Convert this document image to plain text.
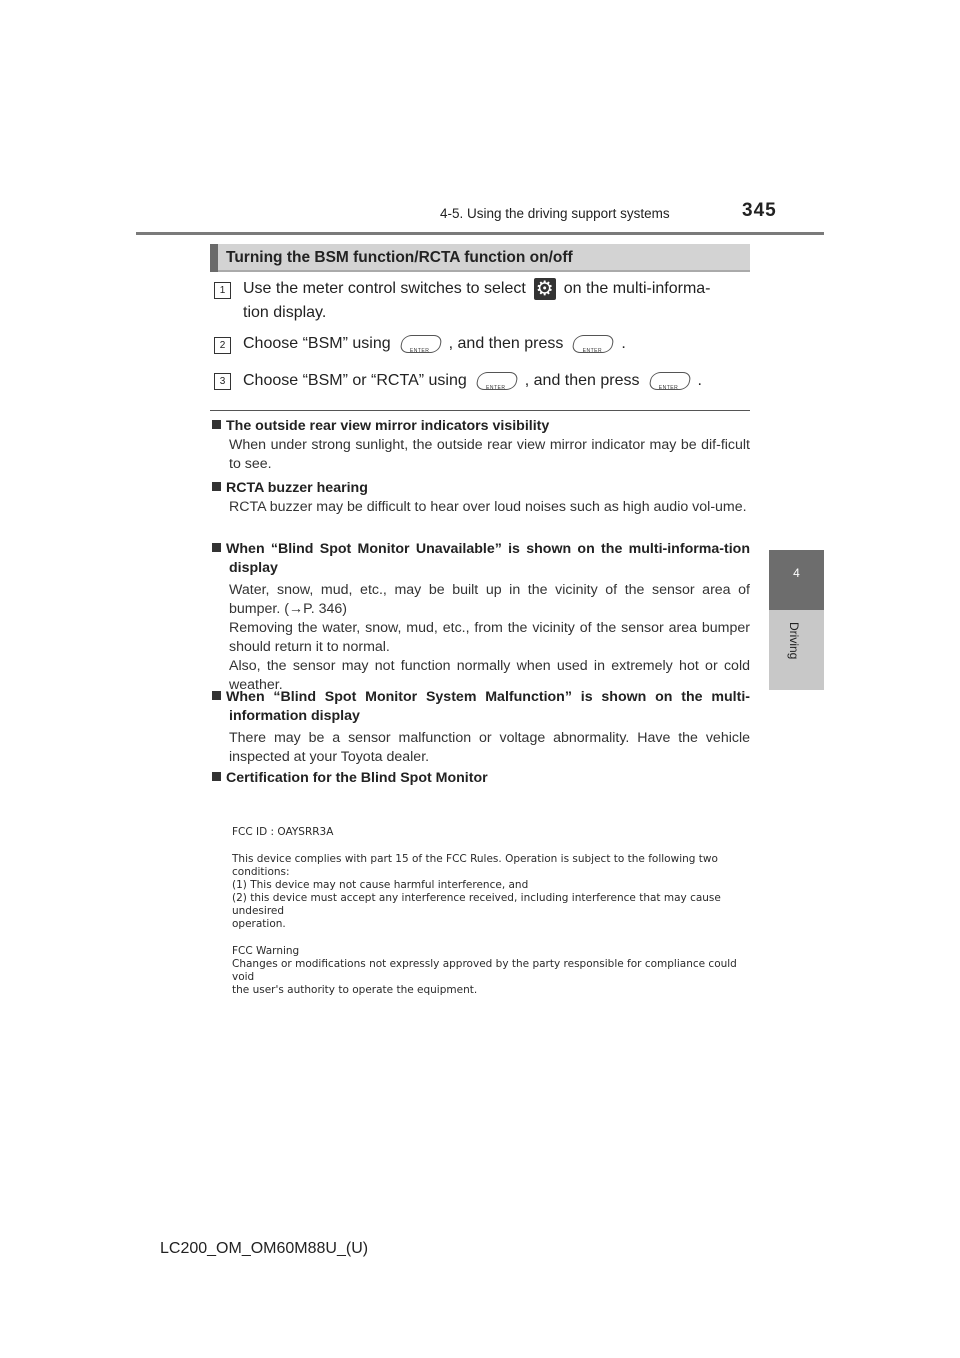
4-5. Using the driving support systems	345
4
Driving
Turning the BSM function/RCTA function on/off
1	Use the meter control switches to select⚙ on the multi-informa-
tion display.
2	Choose “BSM” using	ENTER	, and then press	ENTER	.
3	Choose “BSM” or “RCTA” using	ENTER	, and then press	ENTER	.
The outside rear view mirror indicators visibility
When under strong sunlight, the outside rear view mirror indicator may be dif-ficult to see.
RCTA buzzer hearing
RCTA buzzer may be difficult to hear over loud noises such as high audio vol-ume.
When “Blind Spot Monitor Unavailable” is shown on the multi-informa-tion display
Water, snow, mud, etc., may be built up in the vicinity of the sensor area of bumper. (→P. 346)
Removing the water, snow, mud, etc., from the vicinity of the sensor area bumper should return it to normal.
Also, the sensor may not function normally when used in extremely hot or cold weather.
When “Blind Spot Monitor System Malfunction” is shown on the multi-information display
There may be a sensor malfunction or voltage abnormality. Have the vehicle inspected at your Toyota dealer.
Certification for the Blind Spot Monitor
FCC ID : OAYSRR3A
This device complies with part 15 of the FCC Rules. Operation is subject to the following two conditions:
(1) This device may not cause harmful interference, and
(2) this device must accept any interference received, including interference that may cause undesired
operation.
FCC Warning
Changes or modifications not expressly approved by the party responsible for compliance could void
the user's authority to operate the equipment.
LC200_OM_OM60M88U_(U)
